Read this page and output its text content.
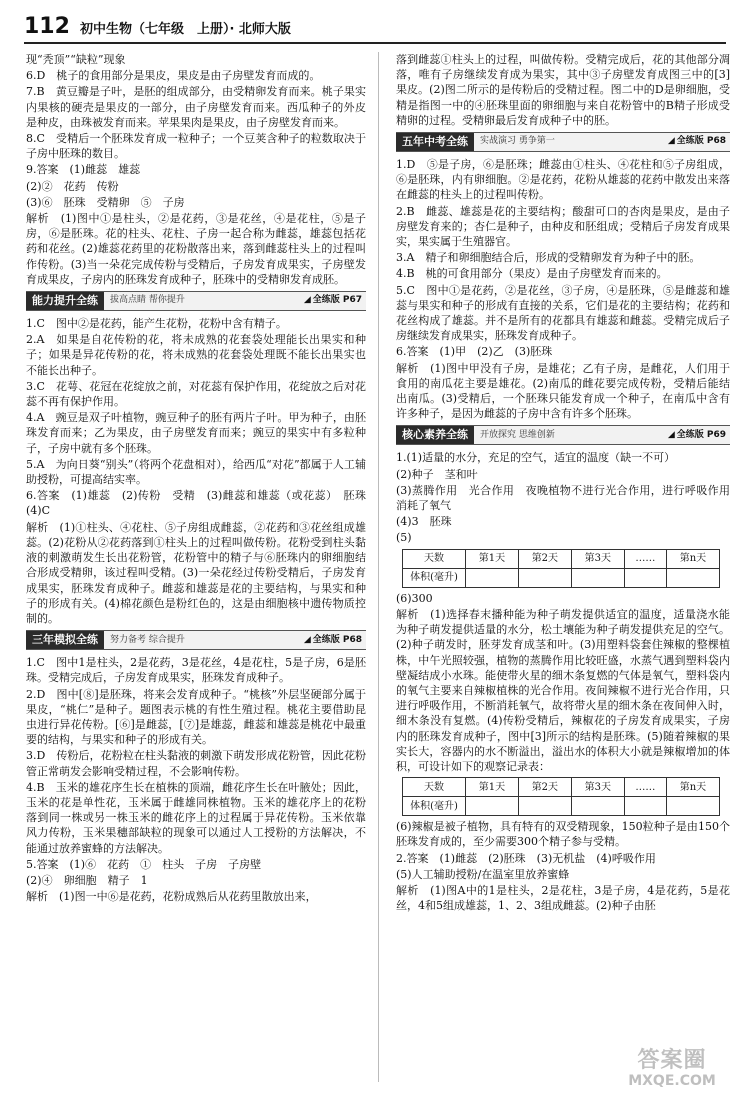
112 初中生物（七年级　上册）· 北师大版

现“秃顶”“缺粒”现象

6.D　桃子的食用部分是果皮，果皮是由子房壁发育而成的。

7.B　黄豆瓣是子叶，是胚的组成部分，由受精卵发育而来。桃子果实内果核的硬壳是果皮的一部分，由子房壁发育而来。西瓜种子的外皮是种皮，由珠被发育而来。苹果果肉是果皮，由子房壁发育而来。

8.C　受精后一个胚珠发育成一粒种子；一个豆荚含种子的粒数取决于子房中胚珠的数目。

9.答案　(1)雌蕊　雄蕊

(2)②　花药　传粉

(3)⑥　胚珠　受精卵　⑤　子房

解析　(1)图中①是柱头，②是花药，③是花丝，④是花柱，⑤是子房，⑥是胚珠。花的柱头、花柱、子房一起合称为雌蕊，雄蕊包括花药和花丝。(2)雄蕊花药里的花粉散落出来，落到雌蕊柱头上的过程叫作传粉。(3)当一朵花完成传粉与受精后，子房发育成果实，子房壁发育成果皮，子房内的胚珠发育成种子，胚珠中的受精卵发育成胚。

能力提升全练	拔高点睛 帮你提升	◢ 全练版 P67

1.C　图中②是花药，能产生花粉，花粉中含有精子。

2.A　如果是自花传粉的花，将未成熟的花套袋处理能长出果实和种子；如果是异花传粉的花，将未成熟的花套袋处理既不能长出果实也不能长出种子。

3.C　花萼、花冠在花绽放之前，对花蕊有保护作用，花绽放之后对花蕊不再有保护作用。

4.A　豌豆是双子叶植物，豌豆种子的胚有两片子叶。甲为种子，由胚珠发育而来；乙为果皮，由子房壁发育而来；豌豆的果实中有多粒种子，子房中就有多个胚珠。

5.A　为向日葵“别头”（将两个花盘相对），给西瓜“对花”都属于人工辅助授粉，可提高结实率。

6.答案　(1)雄蕊　(2)传粉　受精　(3)雌蕊和雄蕊（或花蕊）　胚珠　(4)C

解析　(1)①柱头、④花柱、⑤子房组成雌蕊，②花药和③花丝组成雄蕊。(2)花粉从②花药落到①柱头上的过程叫做传粉。花粉受到柱头黏液的刺激萌发生长出花粉管，花粉管中的精子与⑥胚珠内的卵细胞结合形成受精卵，该过程叫受精。(3)一朵花经过传粉受精后，子房发育成果实，胚珠发育成种子。雌蕊和雄蕊是花的主要结构，与果实和种子的形成有关。(4)棉花颜色是粉红色的，这是由细胞核中遗传物质控制的。

三年模拟全练	努力备考 综合提升	◢ 全练版 P68

1.C　图中1是柱头，2是花药，3是花丝，4是花柱，5是子房，6是胚珠。受精完成后，子房发育成果实，胚珠发育成种子。

2.D　图中[⑧]是胚珠，将来会发育成种子。“桃核”外层坚硬部分属于果皮，“桃仁”是种子。题图表示桃的有性生殖过程。桃花主要借助昆虫进行异花传粉。[⑥]是雌蕊，[⑦]是雄蕊，雌蕊和雄蕊是桃花中最重要的结构，与果实和种子的形成有关。

3.D　传粉后，花粉粒在柱头黏液的刺激下萌发形成花粉管，因此花粉管正常萌发会影响受精过程，不会影响传粉。

4.B　玉米的雄花序生长在植株的顶端，雌花序生长在叶腋处；因此，玉米的花是单性花，玉米属于雌雄同株植物。玉米的雄花序上的花粉落到同一株或另一株玉米的雌花序上的过程属于异花传粉。玉米依靠风力传粉，玉米果穗部缺粒的现象可以通过人工授粉的方法解决，不能通过放养蜜蜂的方法解决。

5.答案　(1)⑥　花药　①　柱头　子房　子房壁

(2)④　卵细胞　精子　1

解析　(1)图一中⑥是花药，花粉成熟后从花药里散放出来，

落到雌蕊①柱头上的过程，叫做传粉。受精完成后，花的其他部分凋落，唯有子房继续发育成为果实，其中③子房壁发育成图三中的[3]果皮。(2)图二所示的是传粉后的受精过程。图二中的D是卵细胞，受精是指图一中的④胚珠里面的卵细胞与来自花粉管中的B精子形成受精卵的过程。受精卵最后发育成种子中的胚。

五年中考全练	实战演习 勇争第一	◢ 全练版 P68

1.D　⑤是子房，⑥是胚珠；雌蕊由①柱头、④花柱和⑤子房组成，⑥是胚珠，内有卵细胞。②是花药，花粉从雄蕊的花药中散发出来落在雌蕊的柱头上的过程叫传粉。

2.B　雌蕊、雄蕊是花的主要结构；酸甜可口的杏肉是果皮，是由子房壁发育来的；杏仁是种子，由种皮和胚组成；受精后子房发育成果实，果实属于生殖器官。

3.A　精子和卵细胞结合后，形成的受精卵发育为种子中的胚。

4.B　桃的可食用部分（果皮）是由子房壁发育而来的。

5.C　图中①是花药，②是花丝，③子房，④是胚珠，⑤是雌蕊和雄蕊与果实和种子的形成有直接的关系，它们是花的主要结构；花药和花丝构成了雄蕊。并不是所有的花都具有雄蕊和雌蕊。受精完成后子房继续发育成果实，胚珠发育成种子。

6.答案　(1)甲　(2)乙　(3)胚珠

解析　(1)图中甲没有子房，是雄花；乙有子房，是雌花，人们用于食用的南瓜花主要是雄花。(2)南瓜的雌花要完成传粉，受精后能结出南瓜。(3)受精后，一个胚珠只能发育成一个种子，在南瓜中含有许多种子，是因为雌蕊的子房中含有许多个胚珠。

核心素养全练	开放探究 思维创新	◢ 全练版 P69

1.(1)适量的水分，充足的空气，适宜的温度（缺一不可）

(2)种子　茎和叶

(3)蒸腾作用　光合作用　夜晚植物不进行光合作用，进行呼吸作用消耗了氧气

(4)3　胚珠

(5)

天数	第1天	第2天	第3天	……	第n天
体积(毫升)					

(6)300

解析　(1)选择春末播种能为种子萌发提供适宜的温度，适量浇水能为种子萌发提供适量的水分，松土壤能为种子萌发提供充足的空气。(2)种子萌发时，胚芽发育成茎和叶。(3)用塑料袋套住辣椒的整棵植株，中午光照较强，植物的蒸腾作用比较旺盛，水蒸气遇到塑料袋内壁凝结成小水珠。能使带火星的细木条复燃的气体是氧气，塑料袋内的氧气主要来自辣椒植株的光合作用。夜间辣椒不进行光合作用，只进行呼吸作用，不断消耗氧气，故将带火星的细木条在夜间伸入时，细木条没有复燃。(4)传粉受精后，辣椒花的子房发育成果实，子房内的胚珠发育成种子，图中[3]所示的结构是胚珠。(5)随着辣椒的果实长大，容器内的水不断溢出，溢出水的体积大小就是辣椒增加的体积，可设计如下的观察记录表：

天数	第1天	第2天	第3天	……	第n天
体积(毫升)					

(6)辣椒是被子植物，具有特有的双受精现象，150粒种子是由150个胚珠发育成的，至少需要300个精子参与受精。

2.答案　(1)雌蕊　(2)胚珠　(3)无机盐　(4)呼吸作用

(5)人工辅助授粉/在温室里放养蜜蜂

解析　(1)图A中的1是柱头，2是花柱，3是子房，4是花药，5是花丝，4和5组成雄蕊，1、2、3组成雌蕊。(2)种子由胚

答案圈
MXQE.COM
